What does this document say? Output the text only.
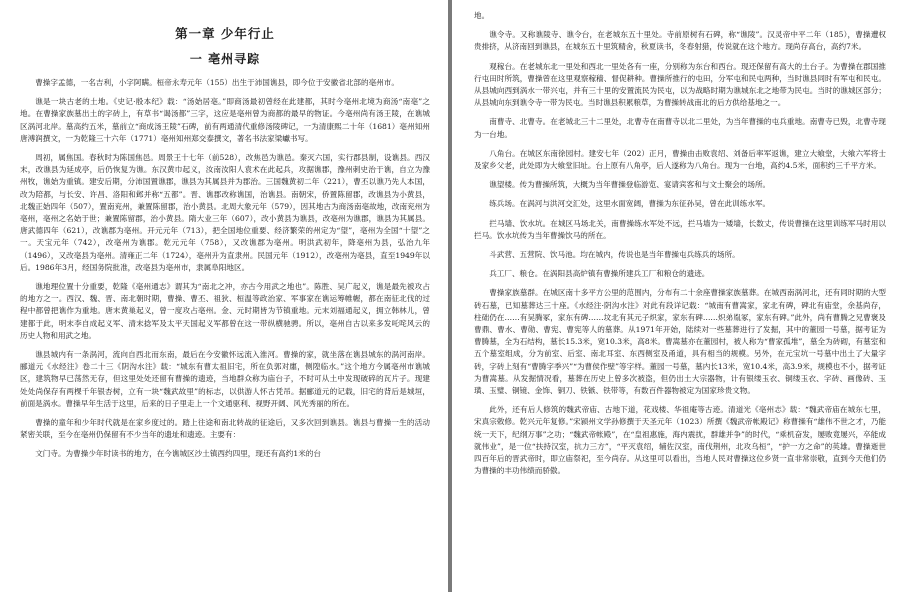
第一章 少年行止
一 亳州寻踪

曹操字孟德，一名吉利，小字阿瞒。桓帝永寿元年（155）出生于沛国谯县，即今位于安徽省北部的亳州市。

谯是一块古老的土地。《史记·殷本纪》载：“汤始居亳。”即商汤最初曾经在此建都，其时今亳州北境为商汤“南亳”之地。在曹操家族墓出土的字砖上，有草书“谒汤都”三字，这应是亳州曾为商都的最早的物证。今亳州尚有汤王陵，在谯城区涡河北岸。墓高约五米，墓前立“商成汤王陵”石碑，前有两通清代重修汤陵碑记，一为清康熙二十年（1681）亳州知州唐溥润撰文，一为乾隆三十六年（1771）亳州知州郑交泰撰文，著名书法家梁巘书写。

周初，属焦国。春秋时为陈国焦邑。周景王十七年（前528），改焦邑为谯邑。秦灭六国，实行郡县制，设谯县。西汉末，改谯县为延成亭，后仍恢复为谯。东汉黄巾起义，汝南汝阳人袁术在此起兵，攻据谯郡，豫州刺史治于谯，自立为豫州牧，谯始为重镇。建安后期，分沛国置谯郡，谯县为其属县并为郡治。三国魏黄初二年（221），曹丕以谯乃先人本国，改为陪都，与长安、许昌、洛阳和邺并称“五都”。晋、谯郡改称谯国，治谯县。南朝宋，侨置陈留郡，改谯县为小黄县，北魏正始四年（507），置南兖州，兼置陈留郡，治小黄县。北周大象元年（579），因其地古为商汤南亳故地，改南兖州为亳州，亳州之名始于世；兼置陈留郡，治小黄县。隋大业三年（607），改小黄县为谯县，改亳州为谯郡，谯县为其属县。唐武德四年（621），改谯郡为亳州。开元元年（713），把全国地位重要、经济繁荣的州定为“望”，亳州为全国“十望”之一。天宝元年（742），改亳州为谯郡。乾元元年（758），又改谯郡为亳州。明洪武初年，降亳州为县，弘治九年（1496），又改亳县为亳州。清雍正二年（1724），亳州升为直隶州。民国元年（1912），改亳州为亳县，直至1949年以后。1986年3月，经国务院批准，改亳县为亳州市，隶属阜阳地区。

谯地理位置十分重要，乾隆《亳州通志》谓其为“南北之冲，亦古今用武之地也”。陈胜、吴广起义，谯是最先被攻占的地方之一。西汉、魏、晋、南北朝时期，曹操、曹丕、祖狄、桓温等政治家、军事家在谯运筹帷幄，都在南征北伐的过程中都曾把谯作为重地。唐末黄巢起义，曾一度攻占亳州。金、元时期皆为节镇重地。元末刘福通起义，拥立韩林儿，曾建都于此，明末李自成起义军、清末捻军及太平天国起义军都曾在这一带纵横驰骋。所以，亳州自古以来多发吒咤风云的历史人物和用武之地。

谯县城内有一条涡河，流向自西北而东南，最后在今安徽怀远流入淮河。曹操的家，就坐落在谯县城东的涡河南岸。郦道元《水经注》卷二十三《阴沟水注》载：“城东有曹太祖旧宅，所在负郭对廛，侧隍临水。”这个地方今属亳州市谯城区，建筑物早已荡然无存，但这里处处还留有曹操的遗迹，当地群众称为庙台子，不时可从土中发现破碎的瓦片子。现建处处尚保存有两棵千年银杏树，立有一块“魏武故里”的标志，以供游人怀古凭吊。据郦道元的记载，旧宅的背后是城垣，前面是涡水。曹操早年生活于这里，后来的日子里走上一个文通驱利、视野开阔、风光秀丽的所在。

曹操的童年和少年时代就是在家乡度过的。踏上往途和南北转战的征途后，又多次回到谯县。谯县与曹操一生的活动紧密关联，至今在亳州仍保留有不少当年的遗址和遗迹。主要有：

文门寺。为曹操少年时读书的地方，在今谯城区沙土镇西约四里，现还有高约1米的台

地。

谯令寺。又称谯陵寺、谯令台，在老城东五十里处。寺前原树有石碑，称“谯陵”。汉灵帝中平二年（185），曹操遭权贵排挤，从济南回到谯县，在城东五十里筑精舍，秋夏读书，冬春射猎，传说就在这个地方。现尚存高台，高约7米。

观稼台。在老城东北一里处和西北一里处各有一座，分别称为东台和西台。现还保留有高大的土台子。为曹操在郡国推行屯田时所筑，曹操曾在这里观察稼穑、督促耕种。曹操所推行的屯田，分军屯和民屯两种，当时谯县同时有军屯和民屯。从县城向西到涡水一带兴屯，并有三十里的安置流民为民屯，以为战略时期为谯城东北之地带为民屯。当时的谯城区部分；从县城向东到谯令寺一带为民屯。当时谯县积累粮草，为曹操转战南北的后方供给基地之一。

南曹寺、北曹寺。在老城北三十二里处，北曹寺在南曹寺以北二里处，为当年曹操的屯兵重地。南曹寺已毁，北曹寺现为一台地。

八角台。在城区东南徐园村。建安七年（202）正月，曹操由击败袁绍、刘备后率军返谯，建立大飨堂，大飨六军将士及家乡父老，此处即为大飨堂旧址。台上原有八角亭，后人遂称为八角台。现为一台地，高约4.5米，面积约三千平方米。

谯望楼。传为曹操所筑，大概为当年曹操登临游览、宴请宾客和与文士聚会的场所。

练兵场。在涡河与洪河交汇处，这里水面宽阔，曹操为东征孙吴，曾在此训练水军。

拦马墙、饮水坑。在城区马场北关，南曹操练水军处不远，拦马墙为一矮墙，长数丈，传说曹操在这里训练军马时用以拦马。饮水坑传为当年曹操饮马的所在。

斗武营、五营院、饮马池。均在城内，传说也是当年曹操屯兵练兵的场所。

兵工厂、粮仓。在涡阳县高炉镇有曹操所建兵工厂和粮仓的遗迹。

曹操家族墓群。在城区南十多平方公里的范围内，分布有二十余座曹操家族墓葬。在城西南涡河北，还有同时期的大型砖石墓，已知墓葬达三十座。《水经注·阴沟水注》对此有段详记载：“城南有曹嵩家，家北有碑，碑北有庙堂，余基尚存，柱础仍在……有吴腾冢，家东有碑……坟北有其元子炽家，家东有碑……炽弟胤冢，家东有碑。”此外，尚有曹腾之兄曹褒及曹鼎、曹水、曹勋、曹宪、曹宪等人的墓葬。从1971年开始，陆续对一些墓葬进行了发掘，其中的董园一号墓，据考证为曹腾墓，全为石结构，墓长15.3米，宽10.3米，高8米。曹嵩墓亦在董园村，被人称为“曹家孤堆”，墓全为砖砌，有墓室和五个墓室组成，分为前室、后室、南北耳室、东西侧室及甬道，具有相当的规模。另外，在元宝坑一号墓中出土了大量字砖，字砖上刻有“曹腾字季兴”“为曹侯作壁”等字样。董园一号墓，墓内长13米，宽10.4米，高3.9米，规模也不小，据考证为曹嵩墓。从发掘情况看，墓葬在历史上曾多次被盗，但仍出土大宗器物，计有银缕玉衣、铜缕玉衣、字砖、画像砖、玉璜、玉璧、铜镜、金饰、铜刀、铁镞、铁带等，有数百件器物被定为国家珍贵文物。

此外，还有后人修筑的魏武帝庙、古地下道，花戏楼、华祖庵等古迹。清道光《亳州志》载：“魏武帝庙在城东七里，宋真宗敕修。乾兴元年复修。”宋颍州文学孙修撰于天圣元年（1023）所撰《魏武帝帐殿记》称曹操有“雄伟不世之才，乃能统一天下，纪纲万事”之功；“魏武帝帐殿”，在“皇祖惠施，海内震扰，群雄并争”的时代，“乘机奋发，屡败竟屡兴，卒能成就伟业”，是一位“扶持汉室，抗力三方”，“平灭袁绍，辅佐汉室，南伐荆州，北攻乌桓”，“护一方之命”的英雄。曹操逝世四百年后的晋武帝时，即立庙祭祀，至今尚存。从这里可以看出，当地人民对曹操这位乡贤一直非常崇敬，直到今天他们仍为曹操的丰功伟绩而骄傲。
